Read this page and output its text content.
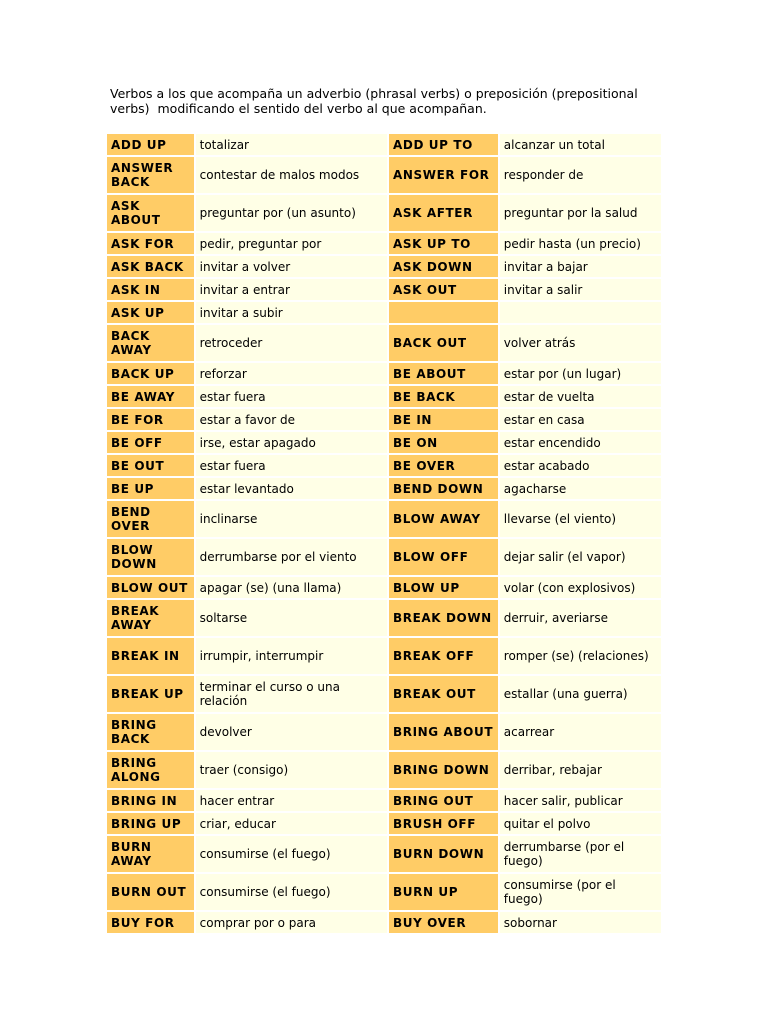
Verbos a los que acompaña un adverbio (phrasal verbs) o preposición (prepositional verbs)  modificando el sentido del verbo al que acompañan.

ADD UP	totalizar	ADD UP TO	alcanzar un total
ANSWER BACK	contestar de malos modos	ANSWER FOR	responder de
ASK ABOUT	preguntar por (un asunto)	ASK AFTER	preguntar por la salud
ASK FOR	pedir, preguntar por	ASK UP TO	pedir hasta (un precio)
ASK BACK	invitar a volver	ASK DOWN	invitar a bajar
ASK IN	invitar a entrar	ASK OUT	invitar a salir
ASK UP	invitar a subir		
BACK AWAY	retroceder	BACK OUT	volver atrás
BACK UP	reforzar	BE ABOUT	estar por (un lugar)
BE AWAY	estar fuera	BE BACK	estar de vuelta
BE FOR	estar a favor de	BE IN	estar en casa
BE OFF	irse, estar apagado	BE ON	estar encendido
BE OUT	estar fuera	BE OVER	estar acabado
BE UP	estar levantado	BEND DOWN	agacharse
BEND OVER	inclinarse	BLOW AWAY	llevarse (el viento)
BLOW DOWN	derrumbarse por el viento	BLOW OFF	dejar salir (el vapor)
BLOW OUT	apagar (se) (una llama)	BLOW UP	volar (con explosivos)
BREAK AWAY	soltarse	BREAK DOWN	derruir, averiarse
BREAK IN	irrumpir, interrumpir	BREAK OFF	romper (se) (relaciones)
BREAK UP	terminar el curso o una relación	BREAK OUT	estallar (una guerra)
BRING BACK	devolver	BRING ABOUT	acarrear
BRING ALONG	traer (consigo)	BRING DOWN	derribar, rebajar
BRING IN	hacer entrar	BRING OUT	hacer salir, publicar
BRING UP	criar, educar	BRUSH OFF	quitar el polvo
BURN AWAY	consumirse (el fuego)	BURN DOWN	derrumbarse (por el fuego)
BURN OUT	consumirse (el fuego)	BURN UP	consumirse (por el fuego)
BUY FOR	comprar por o para	BUY OVER	sobornar
